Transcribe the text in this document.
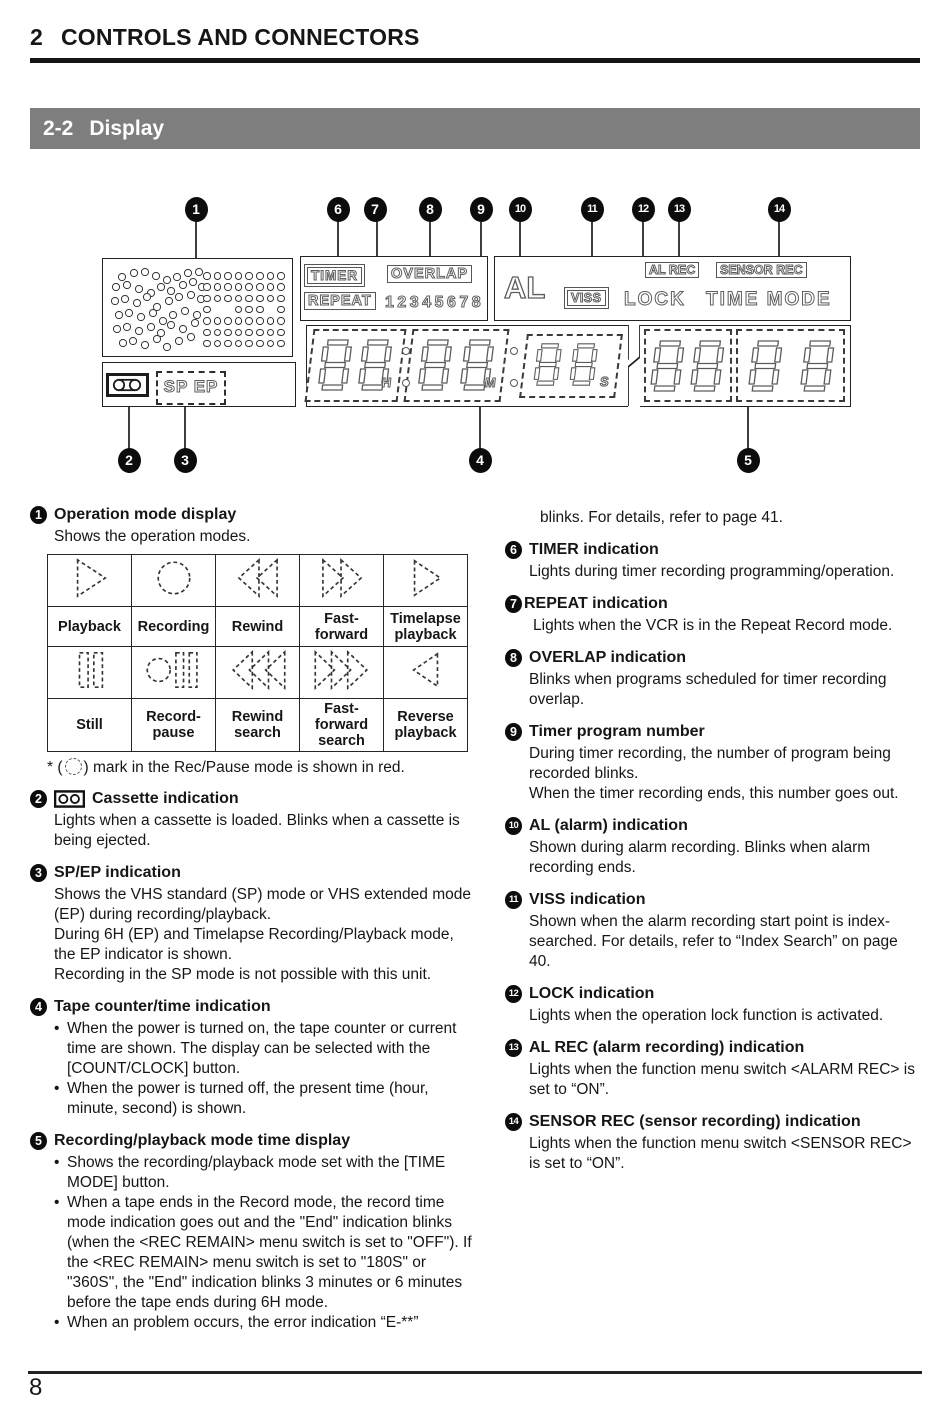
2 CONTROLS AND CONNECTORS
2-2 Display
TIMER OVERLAP
REPEAT 12345678 AL	VISS LOCK TIME MODE
AL REC	SENSOR REC
SP EP
1	6	7	8	9	10	11	12	13	14
2	3	4	5
H	M	S
1 Operation mode display
Shows the operation modes.

Playback	Recording	Rewind	Fast-forward	Timelapse playback

Still	Record-pause	Rewind search	Fast-forward search	Reverse playback
* ( ) mark in the Rec/Pause mode is shown in red.
2	Cassette indication
Lights when a cassette is loaded. Blinks when a cassette is being ejected.
3 SP/EP indication
Shows the VHS standard (SP) mode or VHS extended mode (EP) during recording/playback.
During 6H (EP) and Timelapse Recording/Playback mode, the EP indicator is shown.
Recording in the SP mode is not possible with this unit.
4 Tape counter/time indication
• When the power is turned on, the tape counter or current time are shown. The display can be selected with the [COUNT/CLOCK] button.
• When the power is turned off, the present time (hour, minute, second) is shown.
5 Recording/playback mode time display
• Shows the recording/playback mode set with the [TIME MODE] button.
• When a tape ends in the Record mode, the record time mode indication goes out and the "End" indication blinks (when the <REC REMAIN> menu switch is set to "OFF"). If the <REC REMAIN> menu switch is set to "180S" or "360S", the "End" indication blinks 3 minutes or 6 minutes before the tape ends during 6H mode.
• When an problem occurs, the error indication “E-**”
blinks. For details, refer to page 41.
6 TIMER indication
Lights during timer recording programming/operation.
7 REPEAT indication
Lights when the VCR is in the Repeat Record mode.
8 OVERLAP indication
Blinks when programs scheduled for timer recording overlap.
9 Timer program number
During timer recording, the number of program being recorded blinks.
When the timer recording ends, this number goes out.
10 AL (alarm) indication
Shown during alarm recording. Blinks when alarm recording ends.
11 VISS indication
Shown when the alarm recording start point is index-searched. For details, refer to “Index Search” on page 40.
12 LOCK indication
Lights when the operation lock function is activated.
13 AL REC (alarm recording) indication
Lights when the function menu switch <ALARM REC> is set to “ON”.
14 SENSOR REC (sensor recording) indication
Lights when the function menu switch <SENSOR REC> is set to “ON”.
8
